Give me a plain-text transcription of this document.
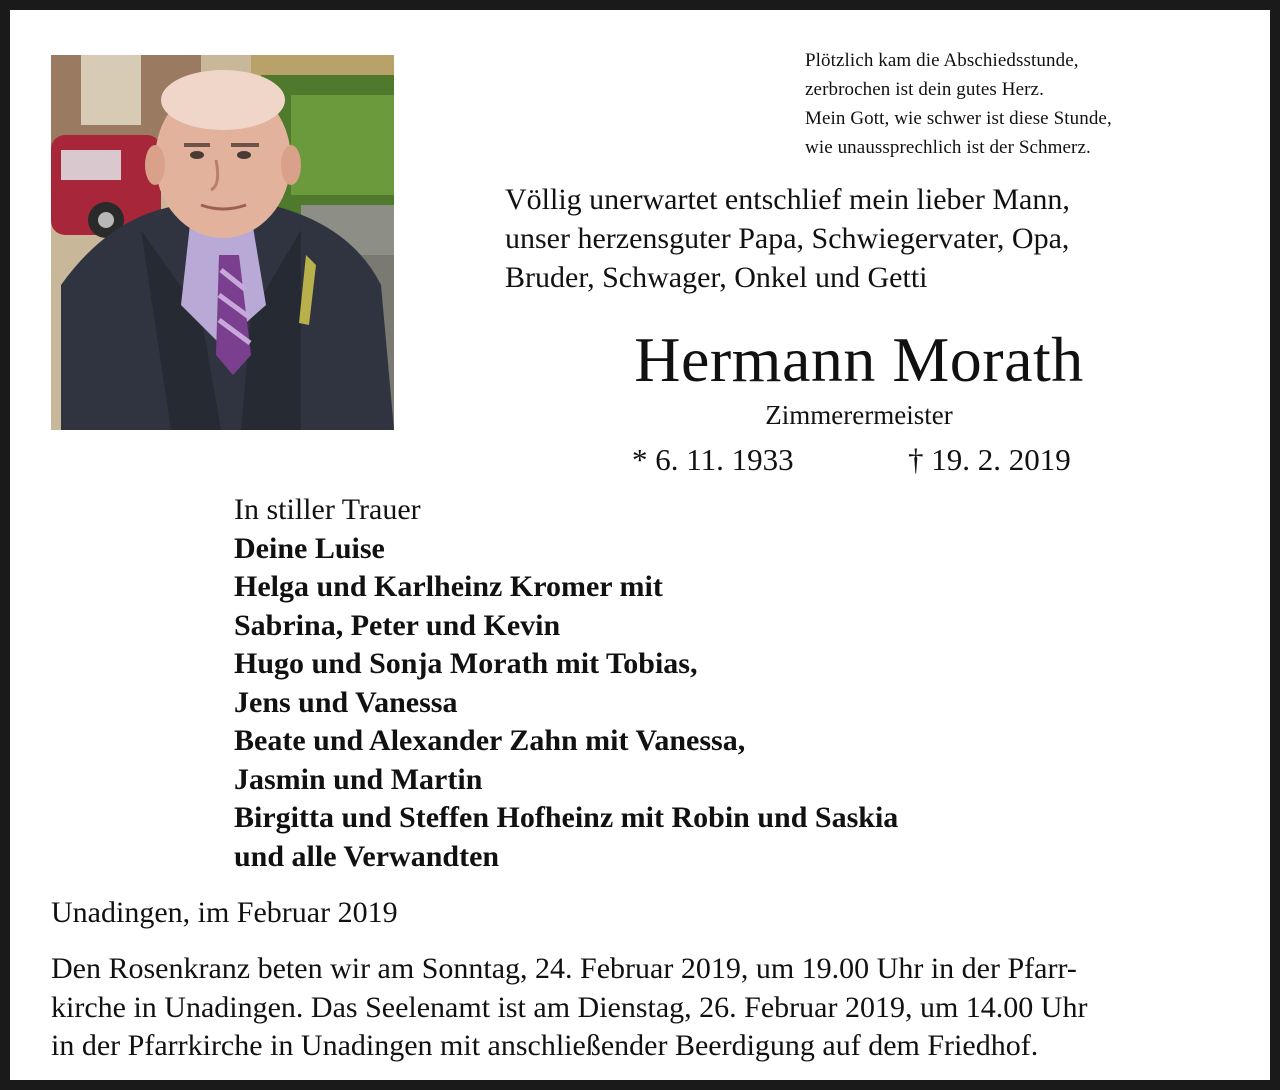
Plötzlich kam die Abschiedsstunde,
zerbrochen ist dein gutes Herz.
Mein Gott, wie schwer ist diese Stunde,
wie unaussprechlich ist der Schmerz.
Völlig unerwartet entschlief mein lieber Mann,
unser herzensguter Papa, Schwiegervater, Opa,
Bruder, Schwager, Onkel und Getti
Hermann Morath
Zimmerermeister
* 6. 11. 1933	† 19. 2. 2019
In stiller Trauer
Deine Luise
Helga und Karlheinz Kromer mit
Sabrina, Peter und Kevin
Hugo und Sonja Morath mit Tobias,
Jens und Vanessa
Beate und Alexander Zahn mit Vanessa,
Jasmin und Martin
Birgitta und Steffen Hofheinz mit Robin und Saskia
und alle Verwandten
Unadingen, im Februar 2019
Den Rosenkranz beten wir am Sonntag, 24. Februar 2019, um 19.00 Uhr in der Pfarr-
kirche in Unadingen. Das Seelenamt ist am Dienstag, 26. Februar 2019, um 14.00 Uhr
in der Pfarrkirche in Unadingen mit anschließender Beerdigung auf dem Friedhof.
